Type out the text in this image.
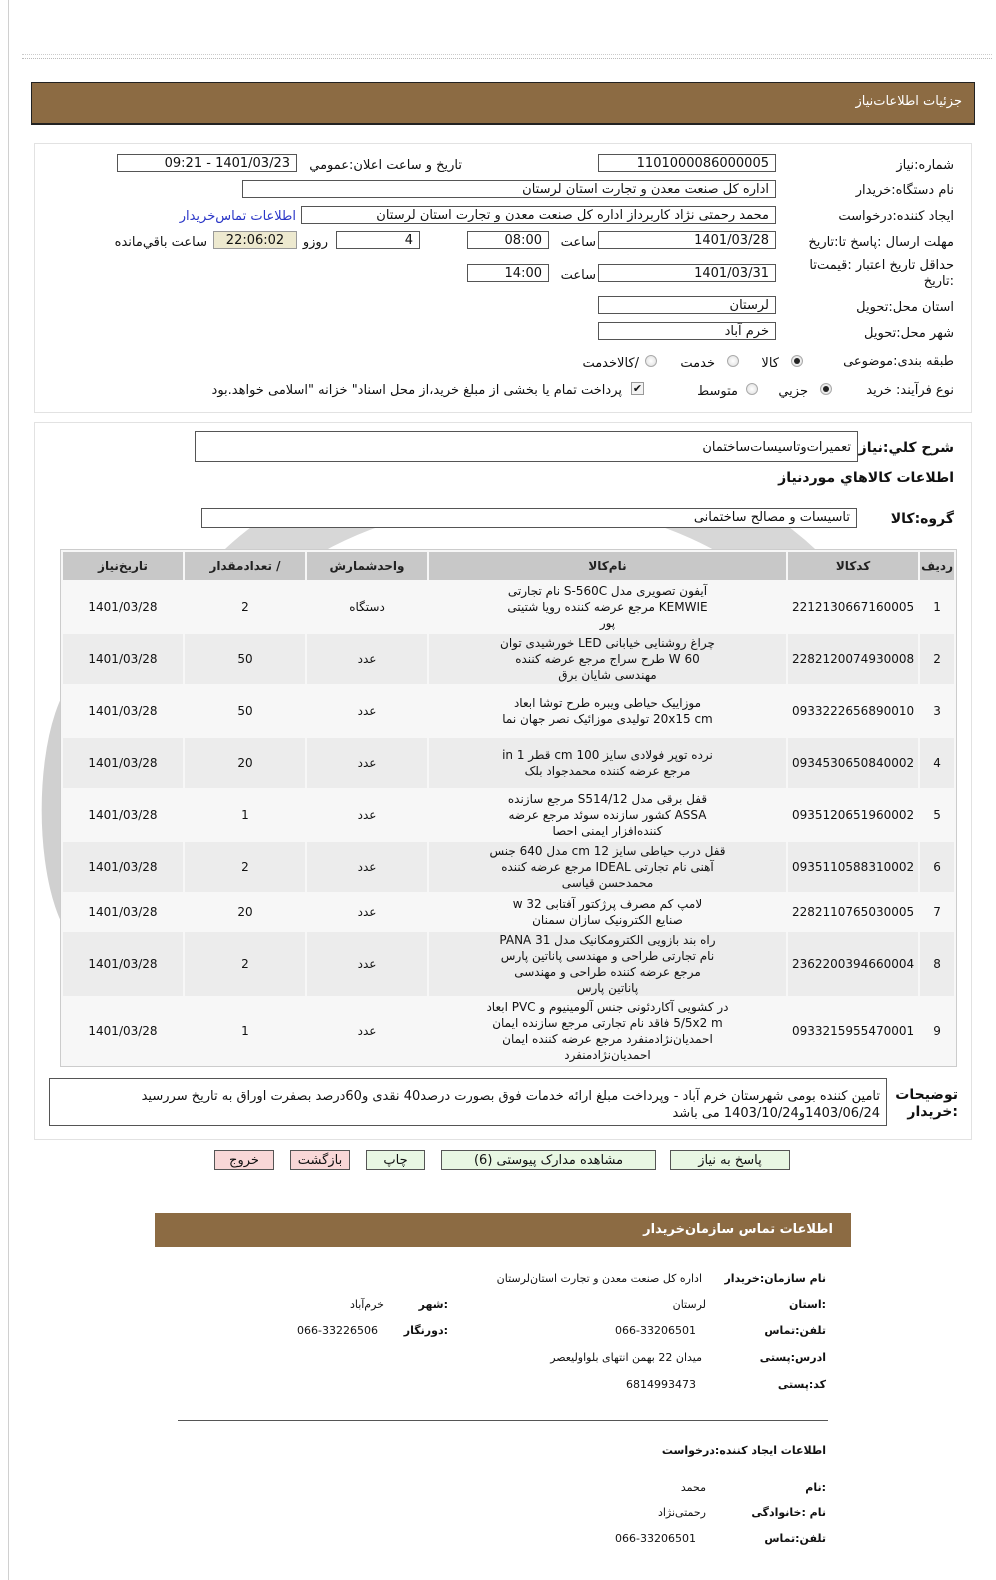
جزئيات اطلاعات‌نياز
شماره:نياز
1101000086000005
تاريخ و ساعت اعلان:عمومي
1401/03/23 - 09:21
نام دستگاه:خريدار
اداره کل صنعت معدن و تجارت استان لرستان
ايجاد کننده:درخواست
محمد رحمتی نژاد کاربرداز اداره کل صنعت معدن و تجارت استان لرستان
اطلاعات تماس‌خريدار
مهلت ارسال :پاسخ تا:تاريخ
1401/03/28
ساعت
08:00
4
روزو
22:06:02
ساعت باقي‌مانده
حداقل تاريخ اعتبار :قيمت‌تا :تاريخ
1401/03/31
ساعت
14:00
استان محل:تحويل
لرستان
شهر محل:تحويل
خرم آباد
طبقه بندی:موضوعی
کالا
خدمت
/کالاخدمت
نوع فرآيند: خريد
جزيي
متوسط
✔
پرداخت تمام يا بخشی از مبلغ خريد،از محل اسناد" خزانه "اسلامی خواهد.بود
شرح کلي:نياز
تعميرات‌وتاسيسات‌ساختمان
اطلاعات کالاهاي موردنياز
گروه:کالا
تاسيسات و مصالح ساختمانی
رديف	کدکالا	نام‌کالا	واحدشمارش	/ تعدادمقدار	تاريخ‌نياز
1	2212130667160005	آيفون تصويری مدل S-560C نام تجارتی KEMWIE مرجع عرضه کننده رويا شتيتی پور	دستگاه	2	1401/03/28
2	2282120074930008	چراغ روشنايی خيابانی LED خورشيدی توان 60 W طرح سراج مرجع عرضه کننده مهندسی شايان برق	عدد	50	1401/03/28
3	0933222656890010	موزاييک حياطی ويبره طرح توشا ابعاد 20x15 cm توليدی موزائيک نصر جهان نما	عدد	50	1401/03/28
4	0934530650840002	نرده توپر فولادی سايز 100 cm قطر 1 in مرجع عرضه کننده محمدجواد بلک	عدد	20	1401/03/28
5	0935120651960002	قفل برقی مدل S514/12 مرجع سازنده ASSA کشور سازنده سوئد مرجع عرضه کننده‌افزار ايمنی احصا	عدد	1	1401/03/28
6	0935110588310002	قفل درب حياطی سايز 12 cm مدل 640 جنس آهنی نام تجارتی IDEAL مرجع عرضه کننده محمدحسن قياسی	عدد	2	1401/03/28
7	2282110765030005	لامپ کم مصرف پرژکتور آفتابی 32 w صنايع الکترونيک سازان سمنان	عدد	20	1401/03/28
8	2362200394660004	راه بند بازويی الکترومکانيک مدل PANA 31 نام تجارتی طراحی و مهندسی پاناتين پارس مرجع عرضه کننده طراحی و مهندسی پاناتين پارس	عدد	2	1401/03/28
9	0933215955470001	در کشويی آکاردئونی جنس آلومينيوم و PVC ابعاد 5/5x2 m فاقد نام تجارتی مرجع سازنده ايمان احمديان‌نژادمنفرد مرجع عرضه کننده ايمان احمديان‌نژادمنفرد	عدد	1	1401/03/28
توضيحات :خريدار
تامين کننده بومی شهرستان خرم آباد - وپرداخت مبلغ ارائه خدمات فوق بصورت درصد40 نقدی و60درصد بصفرت اوراق به تاريخ سررسيد 1403/06/24و1403/10/24 می باشد
پاسخ به نياز
مشاهده مدارک پيوستی (6)
چاپ
بازگشت
خروج
اطلاعات تماس سازمان‌خريدار
نام سازمان:خريدار
اداره کل صنعت معدن و تجارت استان‌لرستان
:استان
لرستان
:شهر
خرم‌آباد
تلفن:تماس
066-33206501
:دورنگار
066-33226506
ادرس:پستی
ميدان 22 بهمن انتهای بلواوليعصر
کد:پستی
6814993473
اطلاعات ايجاد کننده:درخواست
:نام
محمد
نام :خانوادگی
رحمتی‌نژاد
تلفن:تماس
066-33206501
